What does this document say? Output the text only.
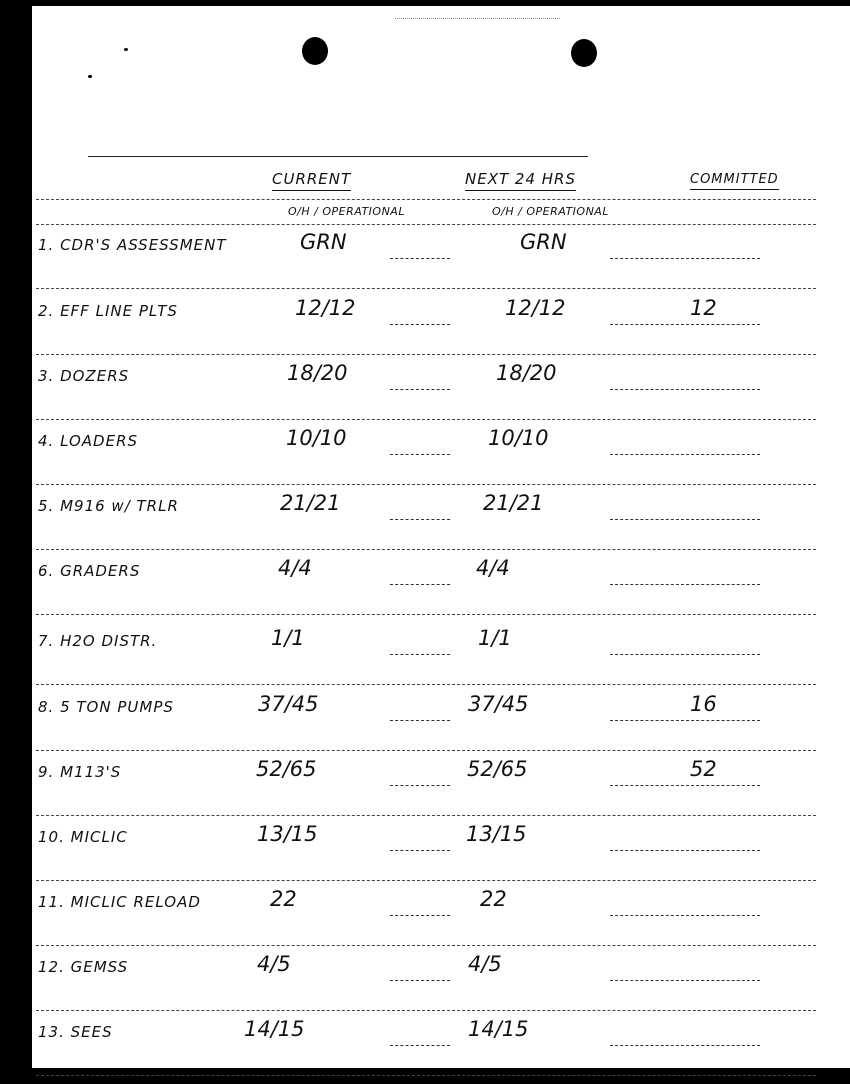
CURRENT	NEXT 24 HRS	COMMITTED
O/H / OPERATIONAL	O/H / OPERATIONAL
1. CDR'S ASSESSMENT	GRN	GRN
2. EFF LINE PLTS	12/12	12/12	12
3. DOZERS	18/20	18/20
4. LOADERS	10/10	10/10
5. M916 w/ TRLR	21/21	21/21
6. GRADERS	4/4	4/4
7. H2O DISTR.	1/1	1/1
8. 5 TON PUMPS	37/45	37/45	16
9. M113'S	52/65	52/65	52
10. MICLIC	13/15	13/15
11. MICLIC RELOAD	22	22
12. GEMSS	4/5	4/5
13. SEES	14/15	14/15
